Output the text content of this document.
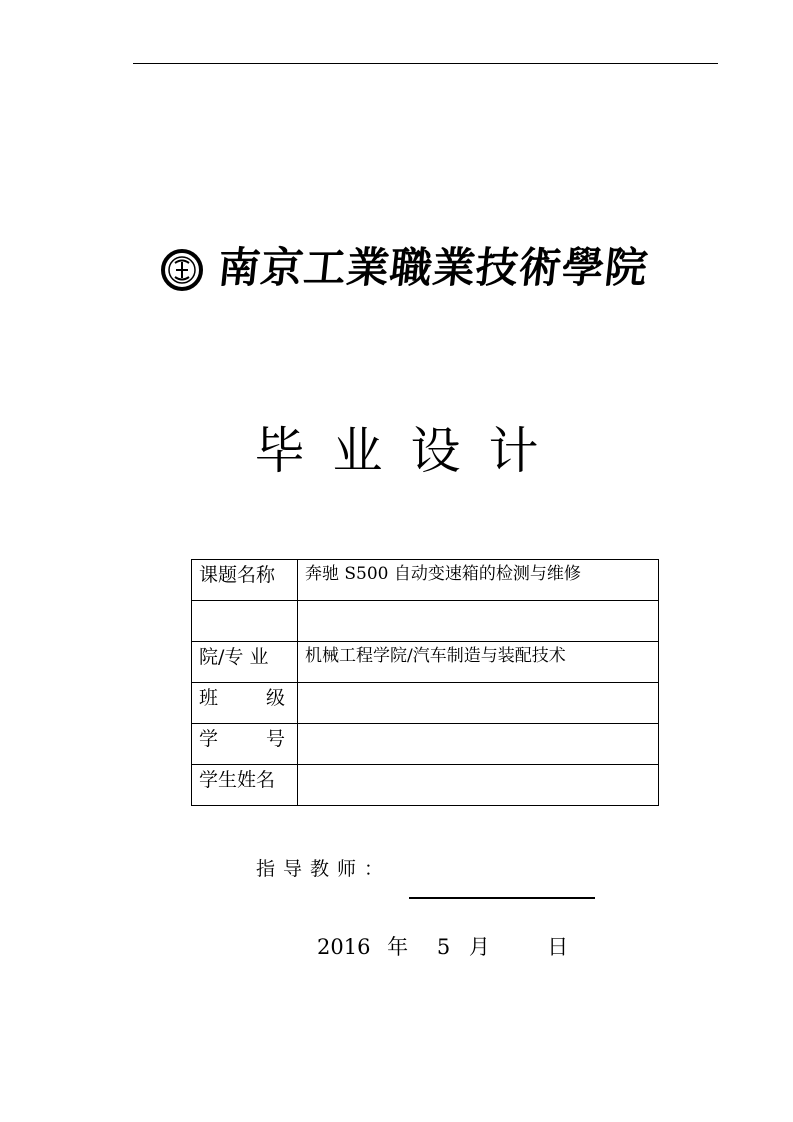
南京工業職業技術學院
毕 业 设 计
课题名称	奔驰 S500 自动变速箱的检测与维修

院/专 业	机械工程学院/汽车制造与装配技术

班 级	

学 号	

学生姓名	
指导教师：
2016 年 5 月	日
